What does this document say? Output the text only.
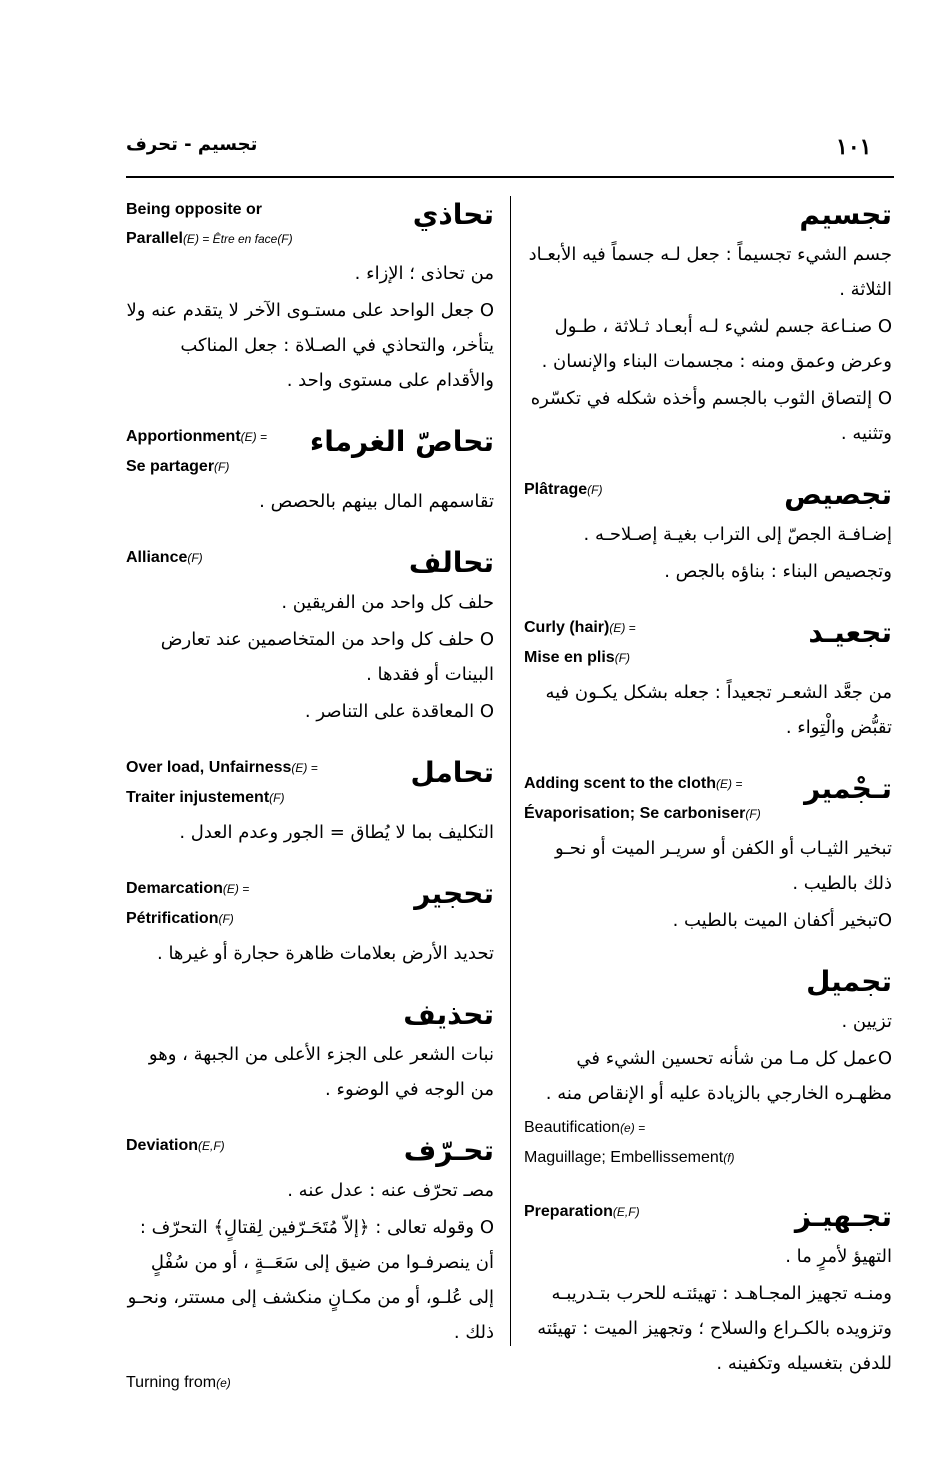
١٠١
تجسيم - تحرف
تجسيم
جسم الشيء تجسيماً : جعل لـه جسماً فيه الأبعـاد الثلاثة .
O صنـاعة جسم لشيء لـه أبعـاد ثـلاثة ، طـول وعرض وعمق ومنه : مجسمات البناء والإنسان .
O إلتصاق الثوب بالجسم وأخذه شكله في تكسّره وتثنيه .
Plâtrage(F)	تجصيص
إضـافـة الجصّ إلى التراب بغيـة إصـلاحـه .
وتجصيص البناء : بناؤه بالجص .
Curly (hair)(E) =
Mise en plis(F)
تجعيـد
من جعَّد الشعـر تجعيداً : جعله بشكل يكـون فيه تقبُّض والْتِواء .
Adding scent to the cloth(E) =
Évaporisation; Se carboniser(F)
تـجْمير
تبخير الثيـاب أو الكفن أو سريـر الميت أو نحـو ذلك بالطيب .
Oتبخير أكفان الميت بالطيب .
تجميل
تزيين .
Oعمل كل مـا من شأنه تحسين الشيء في مظهـره الخارجي بالزيادة عليه أو الإنقاص منه .
Beautification(e) =
Maguillage; Embellissement(f)
Preparation(E,F)	تجـهيـز
التهيؤ لأمرٍ ما .
ومنـه تجهيز المجـاهـد : تهيئتـه للحرب بتـدريبـه وتزويده بالكـراع والسلاح ؛ وتجهيز الميت : تهيئته للدفن بتغسيله وتكفينه .
Being opposite or
Parallel(E) = Être en face(F)
تحاذي
من تحاذى ؛ الإزاء .
O جعل الواحد على مستـوى الآخر لا يتقدم عنه ولا يتأخر، والتحاذي في الصـلاة : جعل المناكب والأقدام على مستوى واحد .
Apportionment(E) =
Se partager(F)
تحاصّ الغرماء
تقاسمهم المال بينهم بالحصص .
Alliance(F)	تحالف
حلف كل واحد من الفريقين .
O حلف كل واحد من المتخاصمين عند تعارض البينات أو فقدها .
O المعاقدة على التناصر .
Over load, Unfairness(E) =
Traiter injustement(F)
تحامل
التكليف بما لا يُطاق = الجور وعدم العدل .
Demarcation(E) =
Pétrification(F)
تحجير
تحديد الأرض بعلامات ظاهرة حجارة أو غيرها .
تحذيف
نبات الشعر على الجزء الأعلى من الجبهة ، وهو من الوجه في الوضوء .
Deviation(E,F)	تحـرّف
مصـ تحرّف عنه : عدل عنه .
O وقوله تعالى : ﴿إلاّ مُتَحَـرّفين لِقتالٍ﴾ التحرّف : أن ينصرفـوا من ضيق إلى سَعَــةٍ ، أو من سُفْلٍ إلى عُلـو، أو من مكـانٍ منكشف إلى مستتر، ونحـو ذلك .
Turning from(e)
